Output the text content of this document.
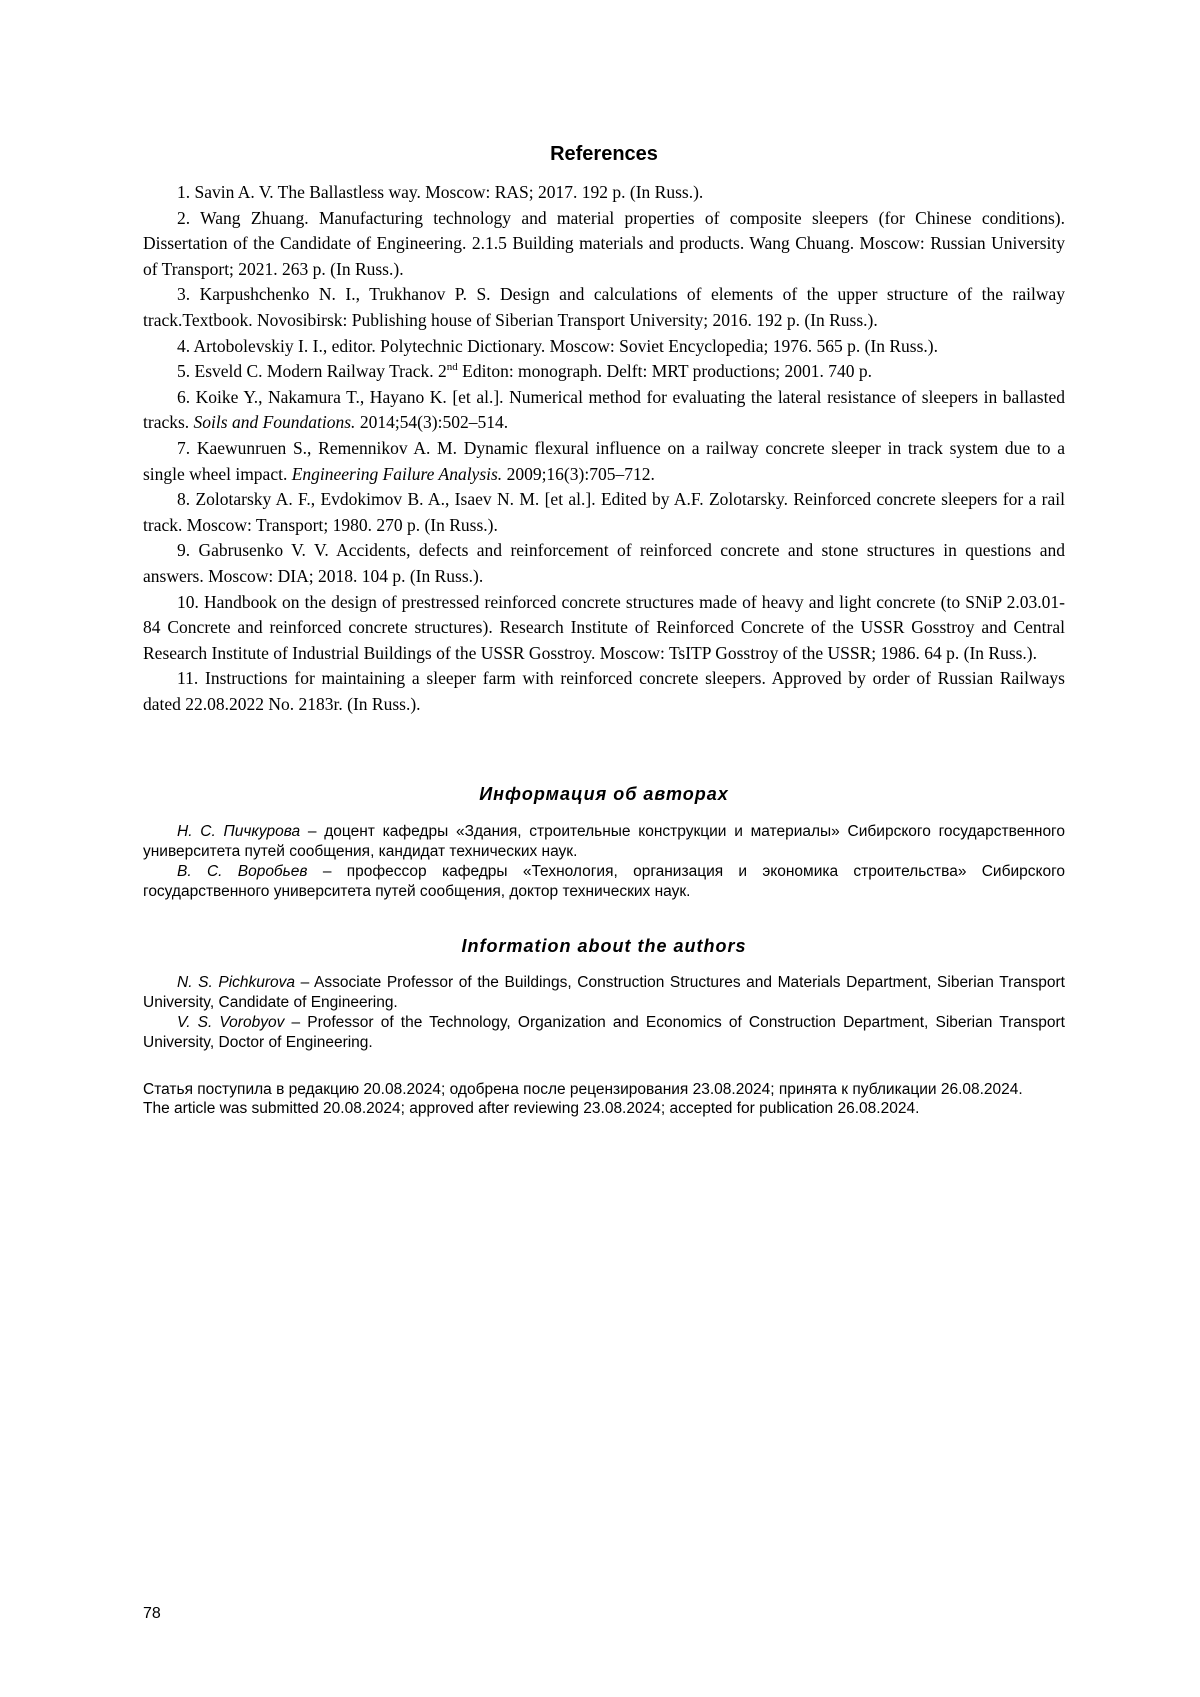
References

1. Savin A. V. The Ballastless way. Moscow: RAS; 2017. 192 p. (In Russ.).

2. Wang Zhuang. Manufacturing technology and material properties of composite sleepers (for Chinese conditions). Dissertation of the Candidate of Engineering. 2.1.5 Building materials and products. Wang Chuang. Moscow: Russian University of Transport; 2021. 263 p. (In Russ.).

3. Karpushchenko N. I., Trukhanov P. S. Design and calculations of elements of the upper structure of the railway track.Textbook. Novosibirsk: Publishing house of Siberian Transport University; 2016. 192 p. (In Russ.).

4. Artobolevskiy I. I., editor. Polytechnic Dictionary. Moscow: Soviet Encyclopedia; 1976. 565 p. (In Russ.).

5. Esveld C. Modern Railway Track. 2nd Editon: monograph. Delft: MRT productions; 2001. 740 p.

6. Koike Y., Nakamura T., Hayano K. [et al.]. Numerical method for evaluating the lateral resistance of sleepers in ballasted tracks. Soils and Foundations. 2014;54(3):502–514.

7. Kaewunruen S., Remennikov A. M. Dynamic flexural influence on a railway concrete sleeper in track system due to a single wheel impact. Engineering Failure Analysis. 2009;16(3):705–712.

8. Zolotarsky A. F., Evdokimov B. A., Isaev N. M. [et al.]. Edited by A.F. Zolotarsky. Reinforced concrete sleepers for a rail track. Moscow: Transport; 1980. 270 p. (In Russ.).

9. Gabrusenko V. V. Accidents, defects and reinforcement of reinforced concrete and stone structures in questions and answers. Moscow: DIA; 2018. 104 p. (In Russ.).

10. Handbook on the design of prestressed reinforced concrete structures made of heavy and light concrete (to SNiP 2.03.01-84 Concrete and reinforced concrete structures). Research Institute of Reinforced Concrete of the USSR Gosstroy and Central Research Institute of Industrial Buildings of the USSR Gosstroy. Moscow: TsITP Gosstroy of the USSR; 1986. 64 p. (In Russ.).

11. Instructions for maintaining a sleeper farm with reinforced concrete sleepers. Approved by order of Russian Railways dated 22.08.2022 No. 2183r. (In Russ.).

Информация об авторах

Н. С. Пичкурова – доцент кафедры «Здания, строительные конструкции и материалы» Сибирского государственного университета путей сообщения, кандидат технических наук.

В. С. Воробьев – профессор кафедры «Технология, организация и экономика строительства» Сибирского государственного университета путей сообщения, доктор технических наук.

Information about the authors

N. S. Pichkurova – Associate Professor of the Buildings, Construction Structures and Materials Department, Siberian Transport University, Candidate of Engineering.

V. S. Vorobyov – Professor of the Technology, Organization and Economics of Construction Department, Siberian Transport University, Doctor of Engineering.

Статья поступила в редакцию 20.08.2024; одобрена после рецензирования 23.08.2024; принята к публикации 26.08.2024.

The article was submitted 20.08.2024; approved after reviewing 23.08.2024; accepted for publication 26.08.2024.

78
